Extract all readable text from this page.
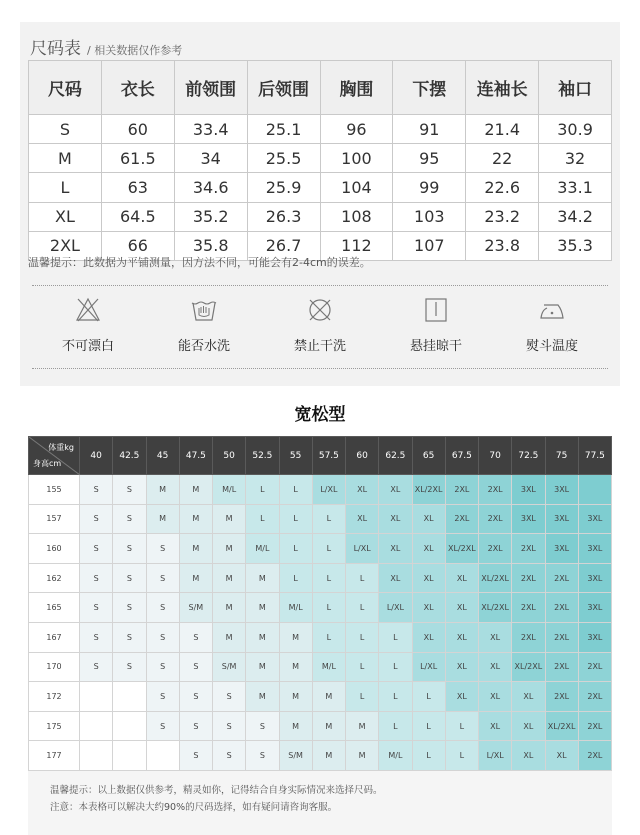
尺码表 / 相关数据仅作参考
尺码	衣长	前领围	后领围	胸围	下摆	连袖长	袖口
S	60	33.4	25.1	96	91	21.4	30.9
M	61.5	34	25.5	100	95	22	32
L	63	34.6	25.9	104	99	22.6	33.1
XL	64.5	35.2	26.3	108	103	23.2	34.2
2XL	66	35.8	26.7	112	107	23.8	35.3
温馨提示：此数据为平铺测量，因方法不同，可能会有2-4cm的误差。
不可漂白	能否水洗	禁止干洗	悬挂晾干	熨斗温度
宽松型
体重kg
身高cm	40	42.5	45	47.5	50	52.5	55	57.5	60	62.5	65	67.5	70	72.5	75	77.5
155	S	S	M	M	M/L	L	L	L/XL	XL	XL	XL/2XL	2XL	2XL	3XL	3XL	
157	S	S	M	M	M	L	L	L	XL	XL	XL	2XL	2XL	3XL	3XL	3XL
160	S	S	S	M	M	M/L	L	L	L/XL	XL	XL	XL/2XL	2XL	2XL	3XL	3XL
162	S	S	S	M	M	M	L	L	L	XL	XL	XL	XL/2XL	2XL	2XL	3XL
165	S	S	S	S/M	M	M	M/L	L	L	L/XL	XL	XL	XL/2XL	2XL	2XL	3XL
167	S	S	S	S	M	M	M	L	L	L	XL	XL	XL	2XL	2XL	3XL
170	S	S	S	S	S/M	M	M	M/L	L	L	L/XL	XL	XL	XL/2XL	2XL	2XL
172			S	S	S	M	M	M	L	L	L	XL	XL	XL	2XL	2XL
175			S	S	S	S	M	M	M	L	L	L	XL	XL	XL/2XL	2XL
177				S	S	S	S/M	M	M	M/L	L	L	L/XL	XL	XL	2XL
温馨提示：以上数据仅供参考，精灵如你，记得结合自身实际情况来选择尺码。
注意：本表格可以解决大约90%的尺码选择，如有疑问请咨询客服。
